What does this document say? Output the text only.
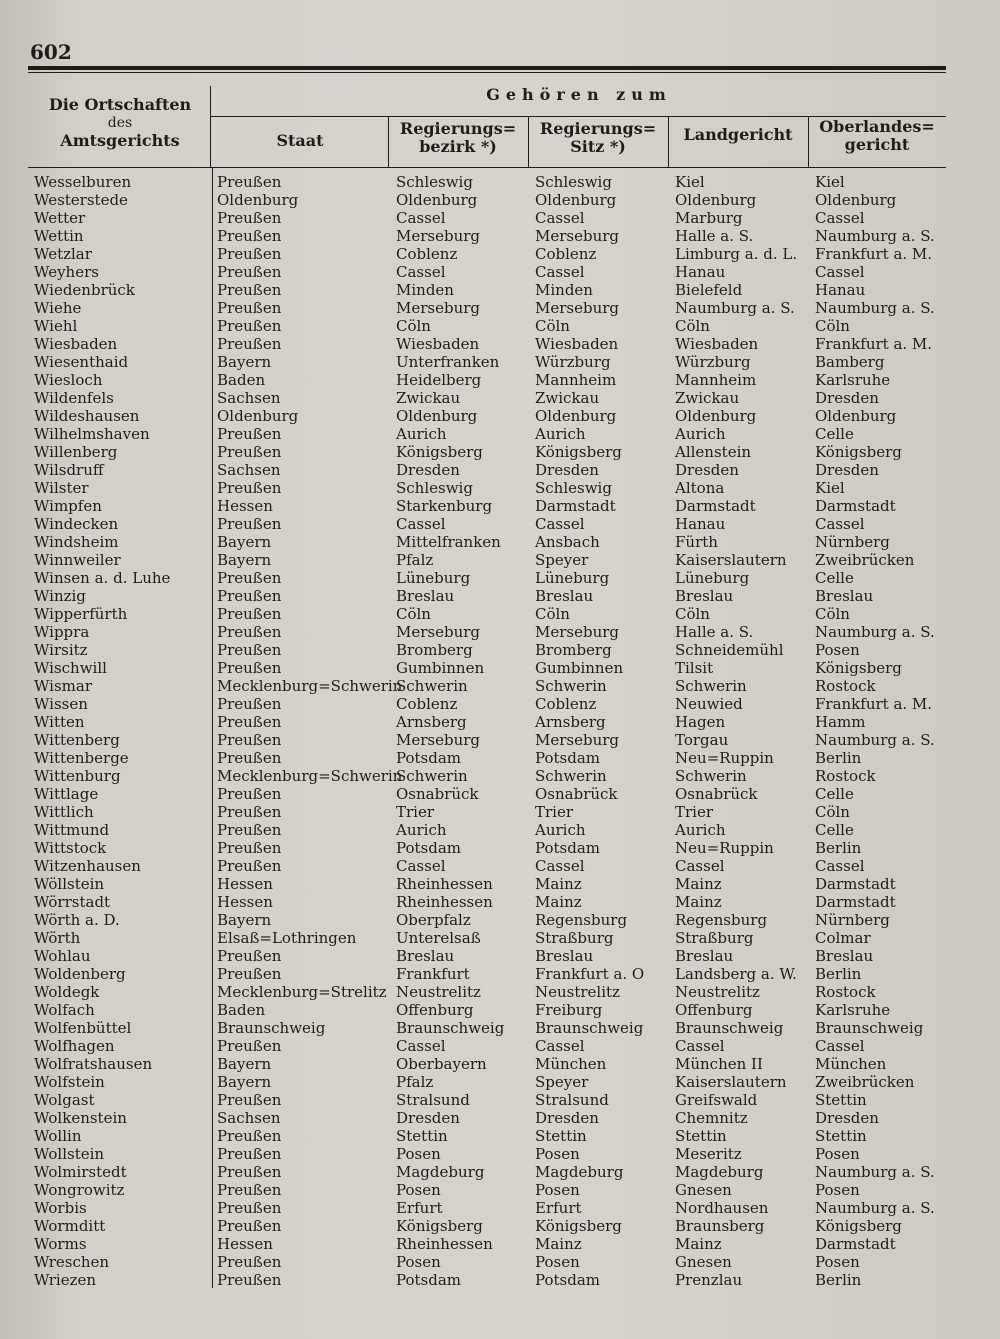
602
Die Ortschaften
des
Amtsgerichts
Gehören zum
Staat
Regierungs=
bezirk *)
Regierungs=
Sitz *)
Landgericht	Oberlandes=
gericht
Wesselburen
Westerstede
Wetter
Wettin
Wetzlar
Weyhers
Wiedenbrück
Wiehe
Wiehl
Wiesbaden
Wiesenthaid
Wiesloch
Wildenfels
Wildeshausen
Wilhelmshaven
Willenberg
Wilsdruff
Wilster
Wimpfen
Windecken
Windsheim
Winnweiler
Winsen a. d. Luhe
Winzig
Wipperfürth
Wippra
Wirsitz
Wischwill
Wismar
Wissen
Witten
Wittenberg
Wittenberge
Wittenburg
Wittlage
Wittlich
Wittmund
Wittstock
Witzenhausen
Wöllstein
Wörrstadt
Wörth a. D.
Wörth
Wohlau
Woldenberg
Woldegk
Wolfach
Wolfenbüttel
Wolfhagen
Wolfratshausen
Wolfstein
Wolgast
Wolkenstein
Wollin
Wollstein
Wolmirstedt
Wongrowitz
Worbis
Wormditt
Worms
Wreschen
Wriezen
Preußen
Oldenburg
Preußen
Preußen
Preußen
Preußen
Preußen
Preußen
Preußen
Preußen
Bayern
Baden
Sachsen
Oldenburg
Preußen
Preußen
Sachsen
Preußen
Hessen
Preußen
Bayern
Bayern
Preußen
Preußen
Preußen
Preußen
Preußen
Preußen
Mecklenburg=Schwerin
Preußen
Preußen
Preußen
Preußen
Mecklenburg=Schwerin
Preußen
Preußen
Preußen
Preußen
Preußen
Hessen
Hessen
Bayern
Elsaß=Lothringen
Preußen
Preußen
Mecklenburg=Strelitz
Baden
Braunschweig
Preußen
Bayern
Bayern
Preußen
Sachsen
Preußen
Preußen
Preußen
Preußen
Preußen
Preußen
Hessen
Preußen
Preußen
Schleswig
Oldenburg
Cassel
Merseburg
Coblenz
Cassel
Minden
Merseburg
Cöln
Wiesbaden
Unterfranken
Heidelberg
Zwickau
Oldenburg
Aurich
Königsberg
Dresden
Schleswig
Starkenburg
Cassel
Mittelfranken
Pfalz
Lüneburg
Breslau
Cöln
Merseburg
Bromberg
Gumbinnen
Schwerin
Coblenz
Arnsberg
Merseburg
Potsdam
Schwerin
Osnabrück
Trier
Aurich
Potsdam
Cassel
Rheinhessen
Rheinhessen
Oberpfalz
Unterelsaß
Breslau
Frankfurt
Neustrelitz
Offenburg
Braunschweig
Cassel
Oberbayern
Pfalz
Stralsund
Dresden
Stettin
Posen
Magdeburg
Posen
Erfurt
Königsberg
Rheinhessen
Posen
Potsdam
Schleswig
Oldenburg
Cassel
Merseburg
Coblenz
Cassel
Minden
Merseburg
Cöln
Wiesbaden
Würzburg
Mannheim
Zwickau
Oldenburg
Aurich
Königsberg
Dresden
Schleswig
Darmstadt
Cassel
Ansbach
Speyer
Lüneburg
Breslau
Cöln
Merseburg
Bromberg
Gumbinnen
Schwerin
Coblenz
Arnsberg
Merseburg
Potsdam
Schwerin
Osnabrück
Trier
Aurich
Potsdam
Cassel
Mainz
Mainz
Regensburg
Straßburg
Breslau
Frankfurt a. O
Neustrelitz
Freiburg
Braunschweig
Cassel
München
Speyer
Stralsund
Dresden
Stettin
Posen
Magdeburg
Posen
Erfurt
Königsberg
Mainz
Posen
Potsdam
Kiel
Oldenburg
Marburg
Halle a. S.
Limburg a. d. L.
Hanau
Bielefeld
Naumburg a. S.
Cöln
Wiesbaden
Würzburg
Mannheim
Zwickau
Oldenburg
Aurich
Allenstein
Dresden
Altona
Darmstadt
Hanau
Fürth
Kaiserslautern
Lüneburg
Breslau
Cöln
Halle a. S.
Schneidemühl
Tilsit
Schwerin
Neuwied
Hagen
Torgau
Neu=Ruppin
Schwerin
Osnabrück
Trier
Aurich
Neu=Ruppin
Cassel
Mainz
Mainz
Regensburg
Straßburg
Breslau
Landsberg a. W.
Neustrelitz
Offenburg
Braunschweig
Cassel
München II
Kaiserslautern
Greifswald
Chemnitz
Stettin
Meseritz
Magdeburg
Gnesen
Nordhausen
Braunsberg
Mainz
Gnesen
Prenzlau
Kiel
Oldenburg
Cassel
Naumburg a. S.
Frankfurt a. M.
Cassel
Hanau
Naumburg a. S.
Cöln
Frankfurt a. M.
Bamberg
Karlsruhe
Dresden
Oldenburg
Celle
Königsberg
Dresden
Kiel
Darmstadt
Cassel
Nürnberg
Zweibrücken
Celle
Breslau
Cöln
Naumburg a. S.
Posen
Königsberg
Rostock
Frankfurt a. M.
Hamm
Naumburg a. S.
Berlin
Rostock
Celle
Cöln
Celle
Berlin
Cassel
Darmstadt
Darmstadt
Nürnberg
Colmar
Breslau
Berlin
Rostock
Karlsruhe
Braunschweig
Cassel
München
Zweibrücken
Stettin
Dresden
Stettin
Posen
Naumburg a. S.
Posen
Naumburg a. S.
Königsberg
Darmstadt
Posen
Berlin
